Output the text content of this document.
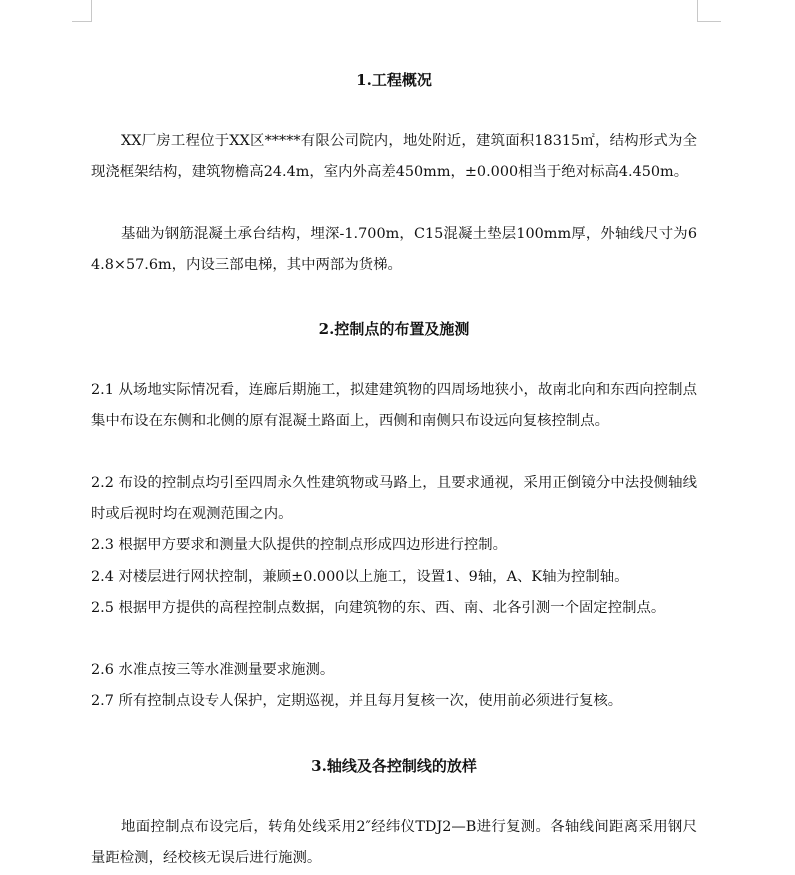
1.工程概况

XX厂房工程位于XX区*****有限公司院内，地处附近，建筑面积18315㎡，结构形式为全现浇框架结构，建筑物檐高24.4m，室内外高差450mm，±0.000相当于绝对标高4.450m。

基础为钢筋混凝土承台结构，埋深-1.700m，C15混凝土垫层100mm厚，外轴线尺寸为64.8×57.6m，内设三部电梯，其中两部为货梯。

2.控制点的布置及施测

2.1 从场地实际情况看，连廊后期施工，拟建建筑物的四周场地狭小，故南北向和东西向控制点集中布设在东侧和北侧的原有混凝土路面上，西侧和南侧只布设远向复核控制点。

2.2 布设的控制点均引至四周永久性建筑物或马路上，且要求通视，采用正倒镜分中法投侧轴线时或后视时均在观测范围之内。

2.3 根据甲方要求和测量大队提供的控制点形成四边形进行控制。

2.4 对楼层进行网状控制，兼顾±0.000以上施工，设置1、9轴，A、K轴为控制轴。

2.5 根据甲方提供的高程控制点数据，向建筑物的东、西、南、北各引测一个固定控制点。

2.6 水准点按三等水准测量要求施测。

2.7 所有控制点设专人保护，定期巡视，并且每月复核一次，使用前必须进行复核。

3.轴线及各控制线的放样

地面控制点布设完后，转角处线采用2″经纬仪TDJ2—B进行复测。各轴线间距离采用钢尺量距检测，经校核无误后进行施测。
